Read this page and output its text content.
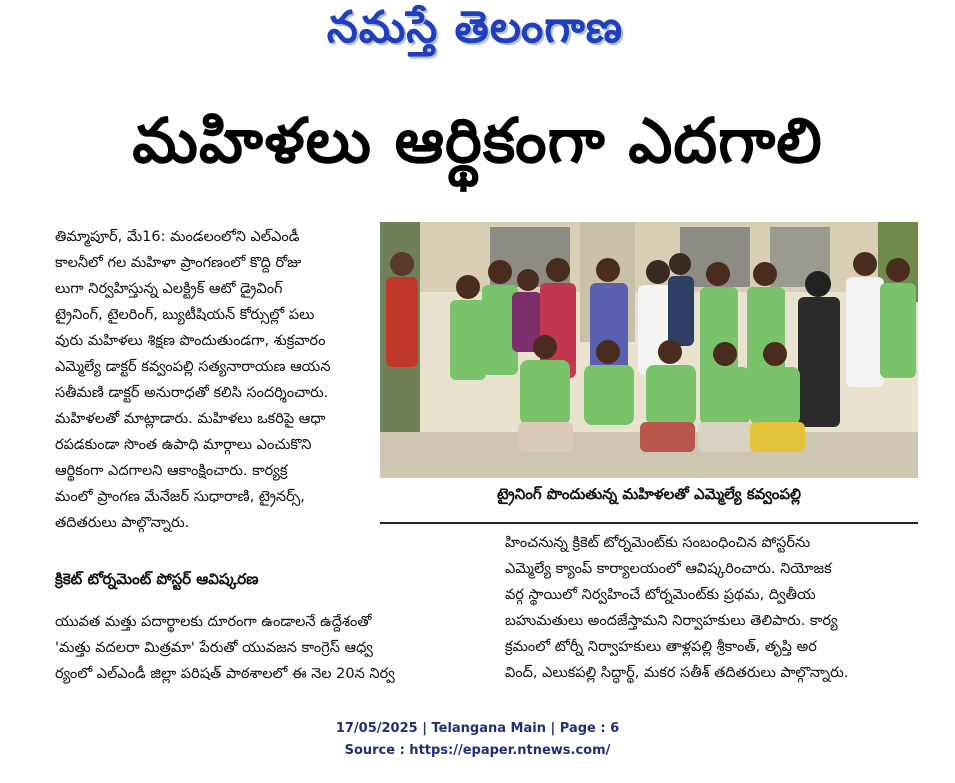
నమస్తే తెలంగాణ
మహిళలు ఆర్థికంగా ఎదగాలి

తిమ్మాపూర్, మే16: మండలంలోని ఎల్ఎండీ

కాలనీలో గల మహిళా ప్రాంగణంలో కొద్ది రోజు

లుగా నిర్వహిస్తున్న ఎలక్ట్రిక్ ఆటో డ్రైవింగ్

ట్రైనింగ్, టైలరింగ్, బ్యుటీషియన్ కోర్సుల్లో పలు

వురు మహిళలు శిక్షణ పొందుతుండగా, శుక్రవారం

ఎమ్మెల్యే డాక్టర్ కవ్వంపల్లి సత్యనారాయణ ఆయన

సతీమణి డాక్టర్ అనురాధతో కలిసి సందర్శించారు.

మహిళలతో మాట్లాడారు. మహిళలు ఒకరిపై ఆధా

రపడకుండా సొంత ఉపాధి మార్గాలు ఎంచుకొని

ఆర్థికంగా ఎదగాలని ఆకాంక్షించారు. కార్యక్ర

మంలో ప్రాంగణ మేనేజర్ సుధారాణి, ట్రైనర్స్,

తదితరులు పాల్గొన్నారు.

క్రికెట్ టోర్నమెంట్ పోస్టర్ ఆవిష్కరణ

యువత మత్తు పదార్థాలకు దూరంగా ఉండాలనే ఉద్దేశంతో

'మత్తు వదలరా మిత్రమా' పేరుతో యువజన కాంగ్రెస్ ఆధ్వ

ర్యంలో ఎల్ఎండీ జిల్లా పరిషత్ పాఠశాలలో ఈ నెల 20న నిర్వ

ట్రైనింగ్ పొందుతున్న మహిళలతో ఎమ్మెల్యే కవ్వంపల్లి

హించనున్న క్రికెట్ టోర్నమెంట్‌కు సంబంధించిన పోస్టర్‌ను

ఎమ్మెల్యే క్యాంప్ కార్యాలయంలో ఆవిష్కరించారు. నియోజక

వర్గ స్థాయిలో నిర్వహించే టోర్నమెంట్‌కు ప్రథమ, ద్వితీయ

బహుమతులు అందజేస్తామని నిర్వాహకులు తెలిపారు. కార్య

క్రమంలో టోర్నీ నిర్వాహకులు తాళ్లపల్లి శ్రీకాంత్, తృప్తి అర

వింద్, ఎలుకపల్లి సిద్ధార్థ్, మకర సతీశ్ తదితరులు పాల్గొన్నారు.

17/05/2025 | Telangana Main | Page : 6
Source : https://epaper.ntnews.com/
